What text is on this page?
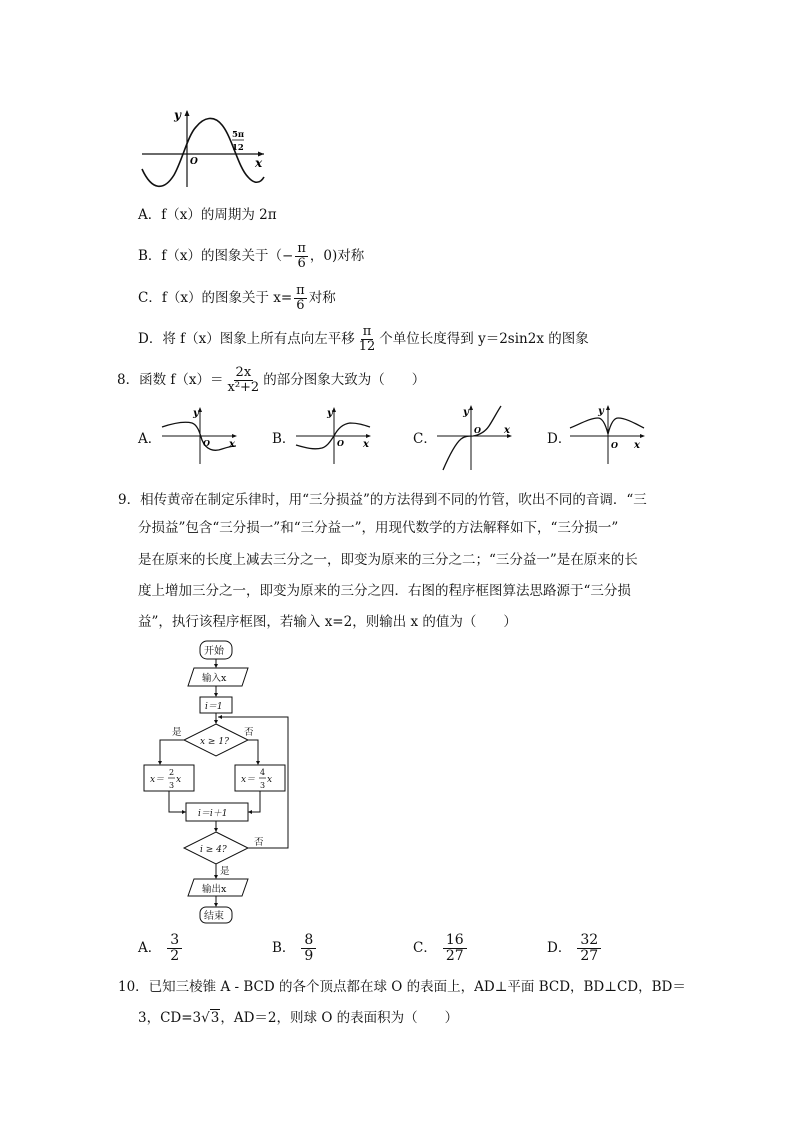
y
x
O
5π
12
A．f（x）的周期为 2π
B．f（x）的图象关于（− $\frac{\pi}{6}$ ，0)对称
C．f（x）的图象关于 $x= \frac{\pi}{6}$ 对称
D．将 f（x）图象上所有点向左平移 $\frac{\pi}{12}$ 个单位长度得到 y＝2sin2x 的图象
8．函数 $f(x)= \frac{2x}{\text{x²+2}}$ 的部分图象大致为（　　）
A．
y
x
O	B．
y
x
O	C．
y
x
O
D．
y
x
O
9．相传黄帝在制定乐律时，用“三分损益”的方法得到不同的竹管，吹出不同的音调．“三
分损益”包含“三分损一”和“三分益一”，用现代数学的方法解释如下，“三分损一”
是在原来的长度上减去三分之一，即变为原来的三分之二；“三分益一”是在原来的长
度上增加三分之一，即变为原来的三分之四．右图的程序框图算法思路源于“三分损
益”，执行该程序框图，若输入 x=2，则输出 x 的值为（　　）
开始
输入x
i＝1
x ≥ 1?
是	否
x＝
2
3
x	x＝
4
3
x
i＝i＋1
i ≥ 4?
否
是
输出x
结束
A． $\frac{3}{2}$	B． $\frac{8}{9}$	C． $\frac{16}{27}$	D． $\frac{32}{27}$
10．已知三棱锥 A - BCD 的各个顶点都在球 O 的表面上，AD⊥平面 BCD，BD⊥CD，BD＝
3，CD=3√3，AD＝2，则球 O 的表面积为（　　）
